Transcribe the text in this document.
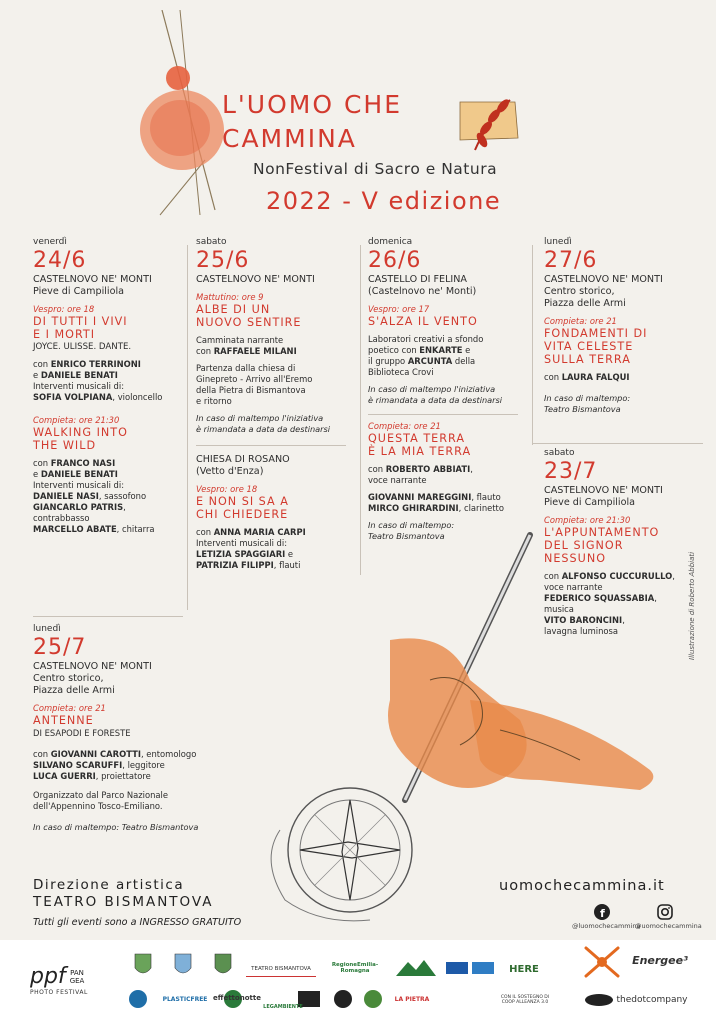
L'UOMO CHE
CAMMINA
NonFestival di Sacro e Natura
2022 - V edizione
venerdì
24/6
CASTELNOVO NE' MONTI
Pieve di Campiliola
Vespro: ore 18
DI TUTTI I VIVI
E I MORTI
JOYCE. ULISSE. DANTE.
con ENRICO TERRINONI
e DANIELE BENATI
Interventi musicali di:
SOFIA VOLPIANA, violoncello
Compieta: ore 21:30
WALKING INTO
THE WILD
con FRANCO NASI
e DANIELE BENATI
Interventi musicali di:
DANIELE NASI, sassofono
GIANCARLO PATRIS,
contrabbasso
MARCELLO ABATE, chitarra
sabato
25/6
CASTELNOVO NE' MONTI
Mattutino: ore 9
ALBE DI UN
NUOVO SENTIRE
Camminata narrante
con RAFFAELE MILANI
Partenza dalla chiesa di
Ginepreto - Arrivo all'Eremo
della Pietra di Bismantova
e ritorno
In caso di maltempo l'iniziativa
è rimandata a data da destinarsi
CHIESA DI ROSANO
(Vetto d'Enza)
Vespro: ore 18
E NON SI SA A
CHI CHIEDERE
con ANNA MARIA CARPI
Interventi musicali di:
LETIZIA SPAGGIARI e
PATRIZIA FILIPPI, flauti
domenica
26/6
CASTELLO DI FELINA
(Castelnovo ne' Monti)
Vespro: ore 17
S'ALZA IL VENTO
Laboratori creativi a sfondo
poetico con ENKARTE e
il gruppo ARCUNTA della
Biblioteca Crovi
In caso di maltempo l'iniziativa
è rimandata a data da destinarsi
Compieta: ore 21
QUESTA TERRA
È LA MIA TERRA
con ROBERTO ABBIATI,
voce narrante
GIOVANNI MAREGGINI, flauto
MIRCO GHIRARDINI, clarinetto
In caso di maltempo:
Teatro Bismantova
lunedì
27/6
CASTELNOVO NE' MONTI
Centro storico,
Piazza delle Armi
Compieta: ore 21
FONDAMENTI DI
VITA CELESTE
SULLA TERRA
con LAURA FALQUI
In caso di maltempo:
Teatro Bismantova
sabato
23/7
CASTELNOVO NE' MONTI
Pieve di Campiliola
Compieta: ore 21:30
L'APPUNTAMENTO
DEL SIGNOR
NESSUNO
con ALFONSO CUCCURULLO,
voce narrante
FEDERICO SQUASSABIA,
musica
VITO BARONCINI,
lavagna luminosa
lunedì
25/7
CASTELNOVO NE' MONTI
Centro storico,
Piazza delle Armi
Compieta: ore 21
ANTENNE
DI ESAPODI E FORESTE
con GIOVANNI CAROTTI, entomologo
SILVANO SCARUFFI, leggitore
LUCA GUERRI, proiettatore
Organizzato dal Parco Nazionale
dell'Appennino Tosco-Emiliano.
In caso di maltempo: Teatro Bismantova
Illustrazione di Roberto Abbiati
Direzione artistica
TEATRO BISMANTOVA
Tutti gli eventi sono a INGRESSO GRATUITO
uomochecammina.it
f
@luomochecammina
@uomochecammina
ppf PAN
GEA
PHOTO FESTIVAL
TEATRO BISMANTOVA
RegioneEmilia-Romagna	HERE
Energee³
PLASTICFREE effettonotte
LEGAMBIENTE
LA PIETRA	CON IL SOSTEGNO DI COOP ALLEANZA 3.0	thedotcompany
